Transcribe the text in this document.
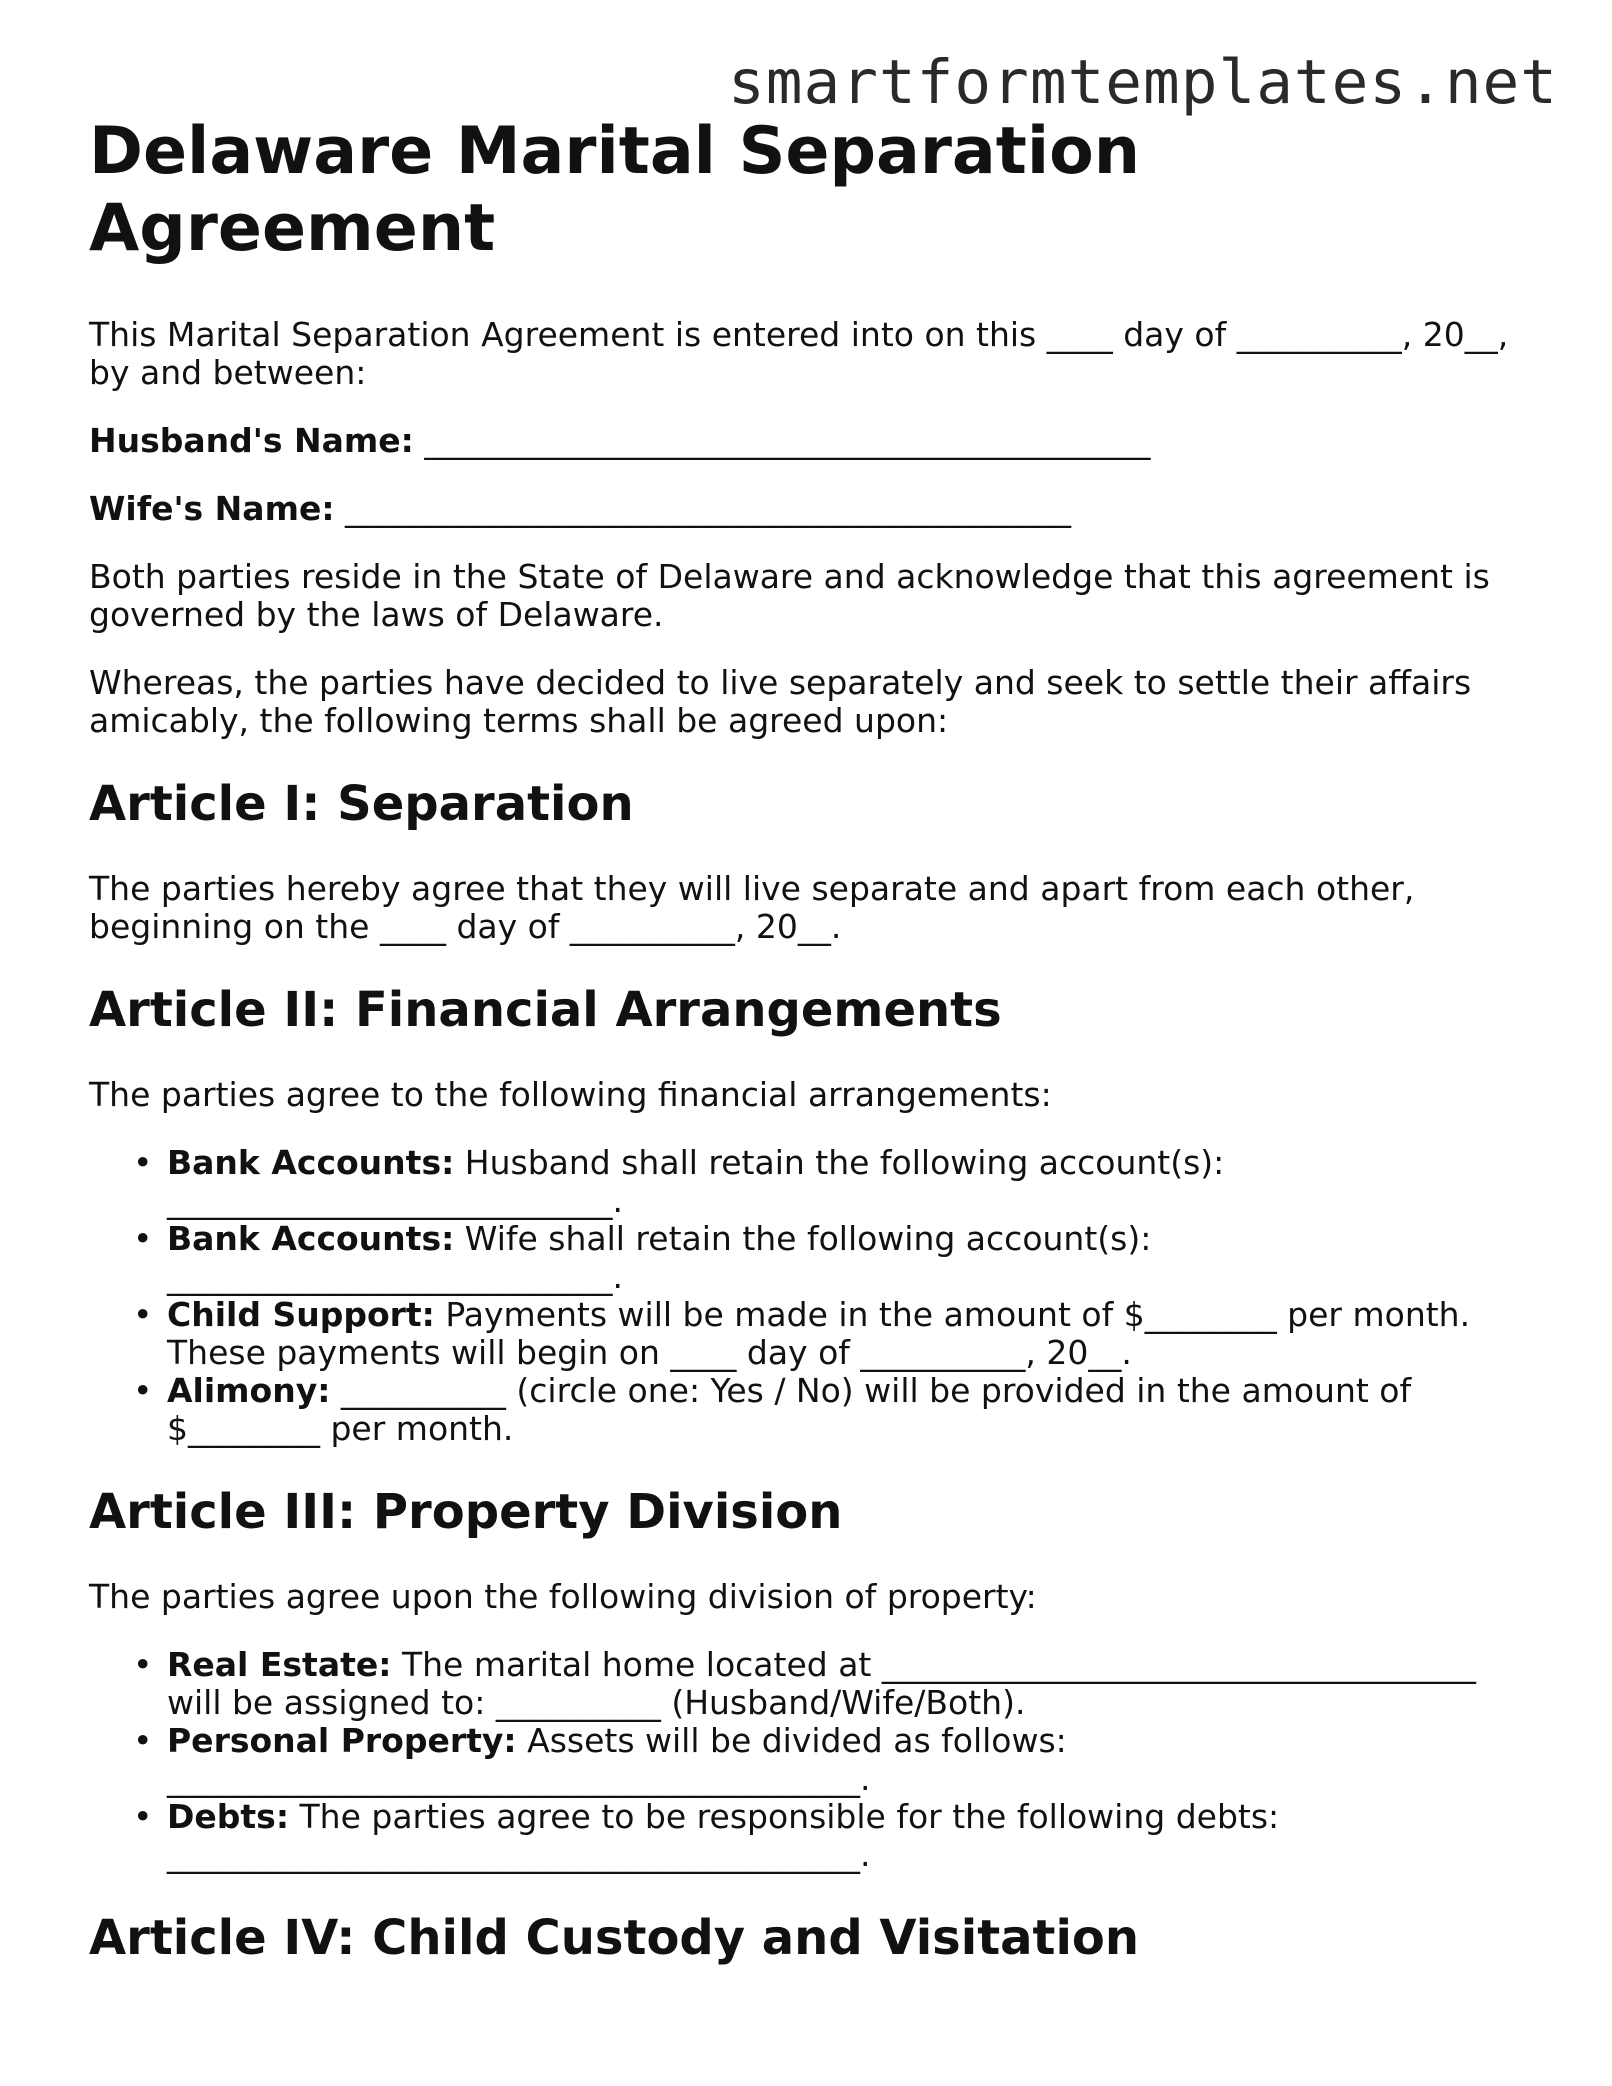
smartformtemplates.net
Delaware Marital Separation Agreement

This Marital Separation Agreement is entered into on this ____ day of __________, 20__, by and between:

Husband's Name: ____________________________________________

Wife's Name: ____________________________________________

Both parties reside in the State of Delaware and acknowledge that this agreement is governed by the laws of Delaware.

Whereas, the parties have decided to live separately and seek to settle their affairs amicably, the following terms shall be agreed upon:

Article I: Separation

The parties hereby agree that they will live separate and apart from each other, beginning on the ____ day of __________, 20__.

Article II: Financial Arrangements

The parties agree to the following financial arrangements:

• Bank Accounts: Husband shall retain the following account(s): ___________________________.
• Bank Accounts: Wife shall retain the following account(s): ___________________________.
• Child Support: Payments will be made in the amount of $________ per month. These payments will begin on ____ day of __________, 20__.
• Alimony: __________ (circle one: Yes / No) will be provided in the amount of $________ per month.
Article III: Property Division

The parties agree upon the following division of property:

• Real Estate: The marital home located at ____________________________________ will be assigned to: __________ (Husband/Wife/Both).
• Personal Property: Assets will be divided as follows: __________________________________________.
• Debts: The parties agree to be responsible for the following debts: __________________________________________.
Article IV: Child Custody and Visitation
